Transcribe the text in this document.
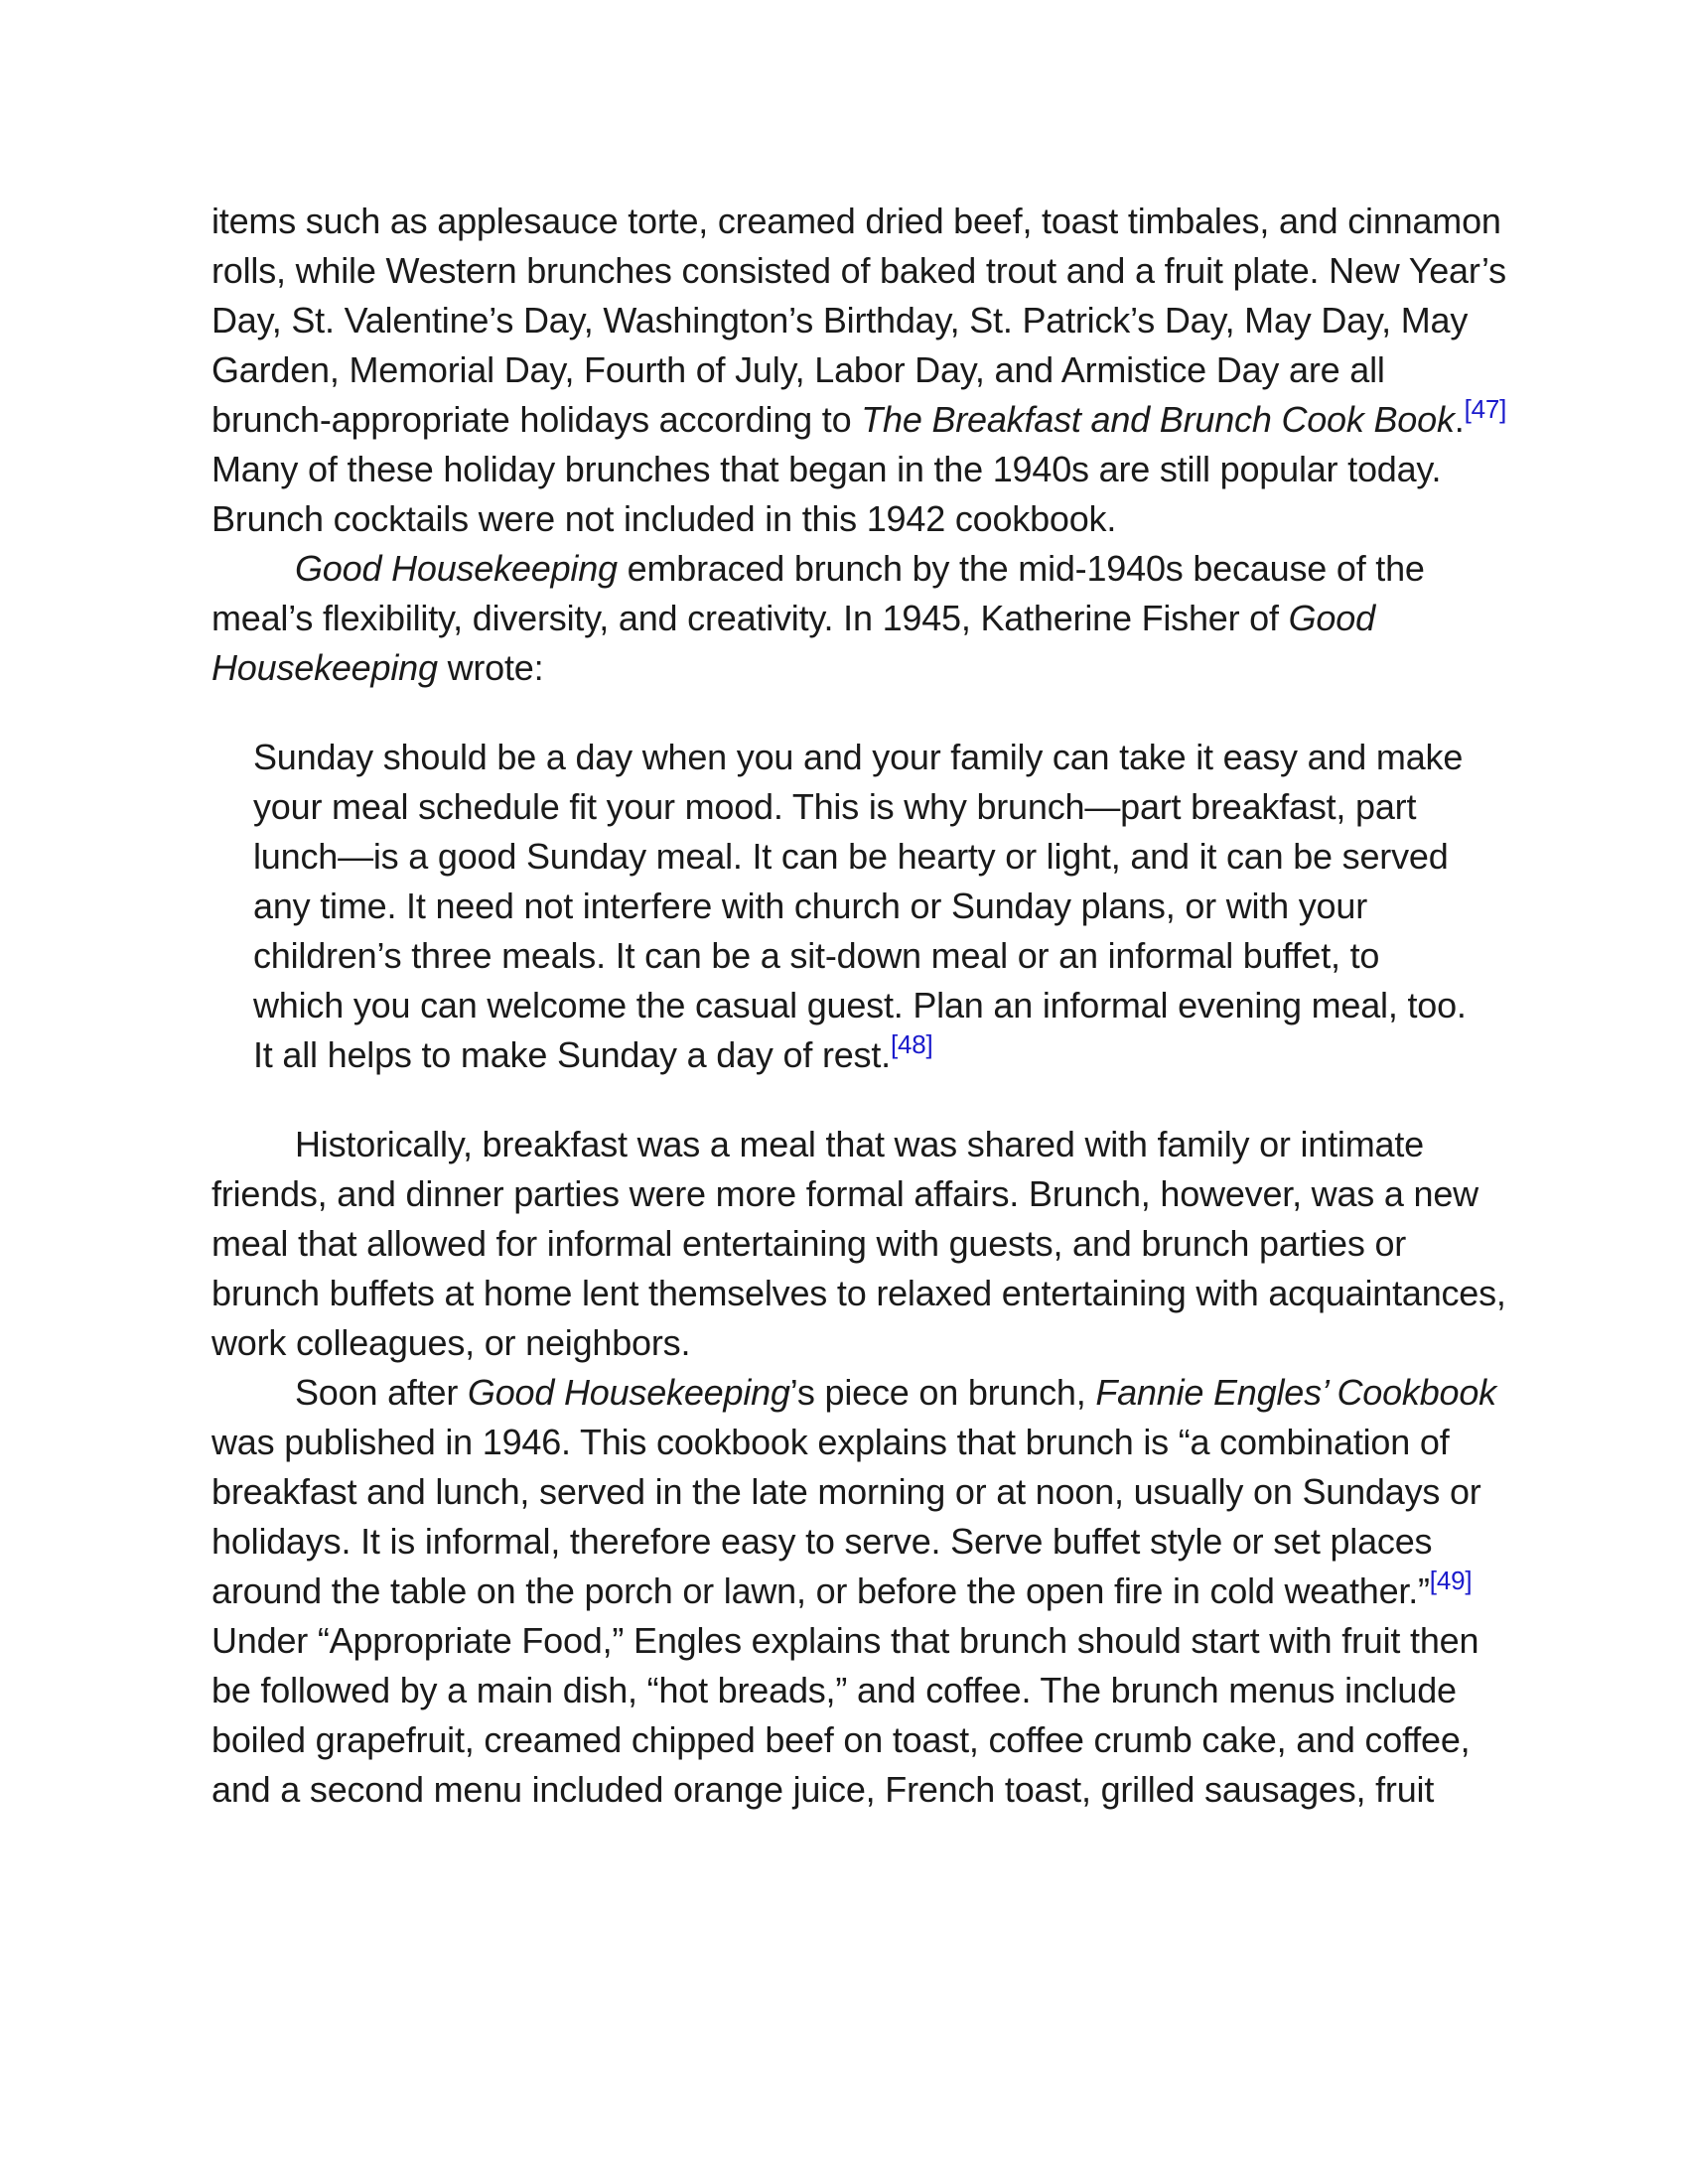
items such as applesauce torte, creamed dried beef, toast timbales, and cinnamon rolls, while Western brunches consisted of baked trout and a fruit plate. New Year’s Day, St. Valentine’s Day, Washington’s Birthday, St. Patrick’s Day, May Day, May Garden, Memorial Day, Fourth of July, Labor Day, and Armistice Day are all brunch-appropriate holidays according to The Breakfast and Brunch Cook Book.[47] Many of these holiday brunches that began in the 1940s are still popular today. Brunch cocktails were not included in this 1942 cookbook.

Good Housekeeping embraced brunch by the mid-1940s because of the meal’s flexibility, diversity, and creativity. In 1945, Katherine Fisher of Good Housekeeping wrote:

Sunday should be a day when you and your family can take it easy and make your meal schedule fit your mood. This is why brunch—part breakfast, part lunch—is a good Sunday meal. It can be hearty or light, and it can be served any time. It need not interfere with church or Sunday plans, or with your children’s three meals. It can be a sit-down meal or an informal buffet, to which you can welcome the casual guest. Plan an informal evening meal, too. It all helps to make Sunday a day of rest.[48]

Historically, breakfast was a meal that was shared with family or intimate friends, and dinner parties were more formal affairs. Brunch, however, was a new meal that allowed for informal entertaining with guests, and brunch parties or brunch buffets at home lent themselves to relaxed entertaining with acquaintances, work colleagues, or neighbors.

Soon after Good Housekeeping’s piece on brunch, Fannie Engles’ Cookbook was published in 1946. This cookbook explains that brunch is “a combination of breakfast and lunch, served in the late morning or at noon, usually on Sundays or holidays. It is informal, therefore easy to serve. Serve buffet style or set places around the table on the porch or lawn, or before the open fire in cold weather.”[49] Under “Appropriate Food,” Engles explains that brunch should start with fruit then be followed by a main dish, “hot breads,” and coffee. The brunch menus include boiled grapefruit, creamed chipped beef on toast, coffee crumb cake, and coffee, and a second menu included orange juice, French toast, grilled sausages, fruit
